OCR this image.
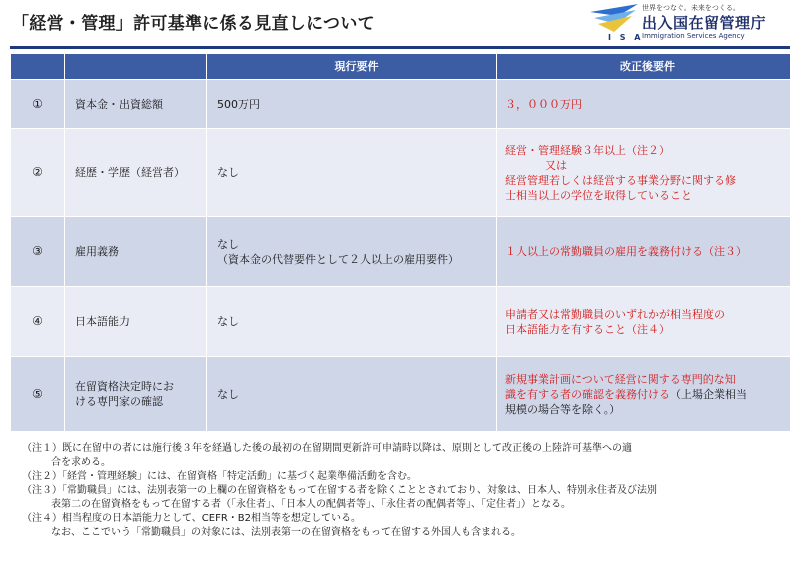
「経営・管理」許可基準に係る見直しについて
I S A
世界をつなぐ。未来をつくる。
出入国在留管理庁
Immigration Services Agency
		現行要件	改正後要件
①	資本金・出資総額	500万円	３，０００万円
②	経歴・学歴（経営者）	なし	経営・管理経験３年以上（注２）
又は
経営管理若しくは経営する事業分野に関する修
士相当以上の学位を取得していること

③	雇用義務	なし
（資本金の代替要件として２人以上の雇用要件）	１人以上の常勤職員の雇用を義務付ける（注３）
④	日本語能力	なし	申請者又は常勤職員のいずれかが相当程度の
日本語能力を有すること（注４）

⑤	在留資格決定時にお
ける専門家の確認	なし	新規事業計画について経営に関する専門的な知
識を有する者の確認を義務付ける（上場企業相当
規模の場合等を除く。）
（注１）既に在留中の者には施行後３年を経過した後の最初の在留期間更新許可申請時以降は、原則として改正後の上陸許可基準への適
合を求める。
（注２）「経営・管理経験」には、在留資格「特定活動」に基づく起業準備活動を含む。
（注３）「常勤職員」には、法別表第一の上欄の在留資格をもって在留する者を除くこととされており、対象は、日本人、特別永住者及び法別
表第二の在留資格をもって在留する者（「永住者」、「日本人の配偶者等」、「永住者の配偶者等」、「定住者」）となる。
（注４）相当程度の日本語能力として、CEFR・B2相当等を想定している。
なお、ここでいう「常勤職員」の対象には、法別表第一の在留資格をもって在留する外国人も含まれる。
